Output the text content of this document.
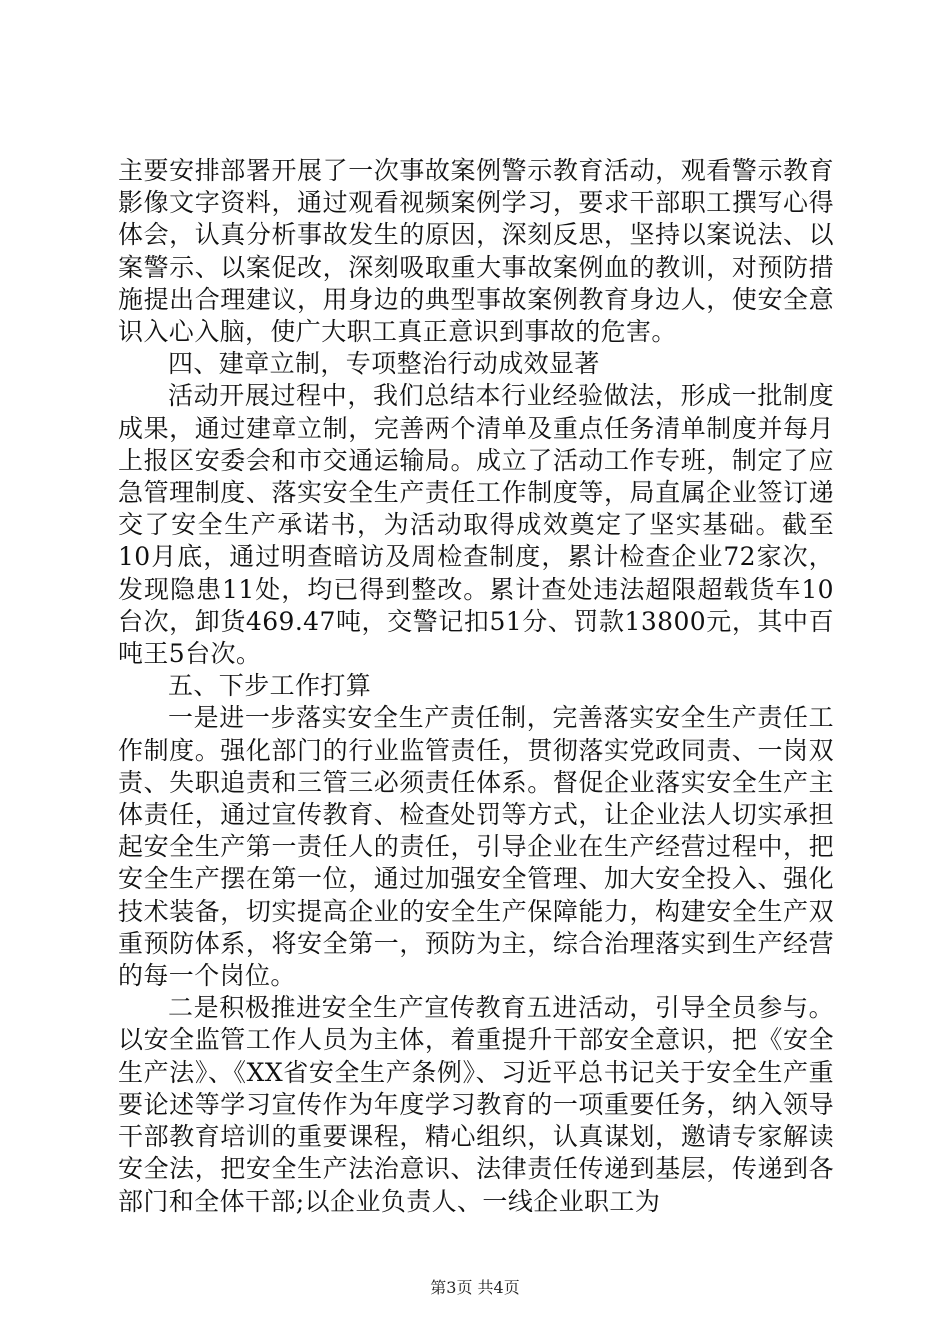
主要安排部署开展了一次事故案例警示教育活动，观看警示教育影像文字资料，通过观看视频案例学习，要求干部职工撰写心得体会，认真分析事故发生的原因，深刻反思，坚持以案说法、以案警示、以案促改，深刻吸取重大事故案例血的教训，对预防措施提出合理建议，用身边的典型事故案例教育身边人，使安全意识入心入脑，使广大职工真正意识到事故的危害。

四、建章立制，专项整治行动成效显著

活动开展过程中，我们总结本行业经验做法，形成一批制度成果，通过建章立制，完善两个清单及重点任务清单制度并每月上报区安委会和市交通运输局。成立了活动工作专班，制定了应急管理制度、落实安全生产责任工作制度等，局直属企业签订递交了安全生产承诺书，为活动取得成效奠定了坚实基础。截至10月底，通过明查暗访及周检查制度，累计检查企业72家次，发现隐患11处，均已得到整改。累计查处违法超限超载货车10台次，卸货469.47吨，交警记扣51分、罚款13800元，其中百吨王5台次。

五、下步工作打算

一是进一步落实安全生产责任制，完善落实安全生产责任工作制度。强化部门的行业监管责任，贯彻落实党政同责、一岗双责、失职追责和三管三必须责任体系。督促企业落实安全生产主体责任，通过宣传教育、检查处罚等方式，让企业法人切实承担起安全生产第一责任人的责任，引导企业在生产经营过程中，把安全生产摆在第一位，通过加强安全管理、加大安全投入、强化技术装备，切实提高企业的安全生产保障能力，构建安全生产双重预防体系，将安全第一，预防为主，综合治理落实到生产经营的每一个岗位。

二是积极推进安全生产宣传教育五进活动，引导全员参与。以安全监管工作人员为主体，着重提升干部安全意识，把《安全生产法》、《XX省安全生产条例》、习近平总书记关于安全生产重要论述等学习宣传作为年度学习教育的一项重要任务，纳入领导干部教育培训的重要课程，精心组织，认真谋划，邀请专家解读安全法，把安全生产法治意识、法律责任传递到基层，传递到各部门和全体干部;以企业负责人、一线企业职工为

第3页 共4页
